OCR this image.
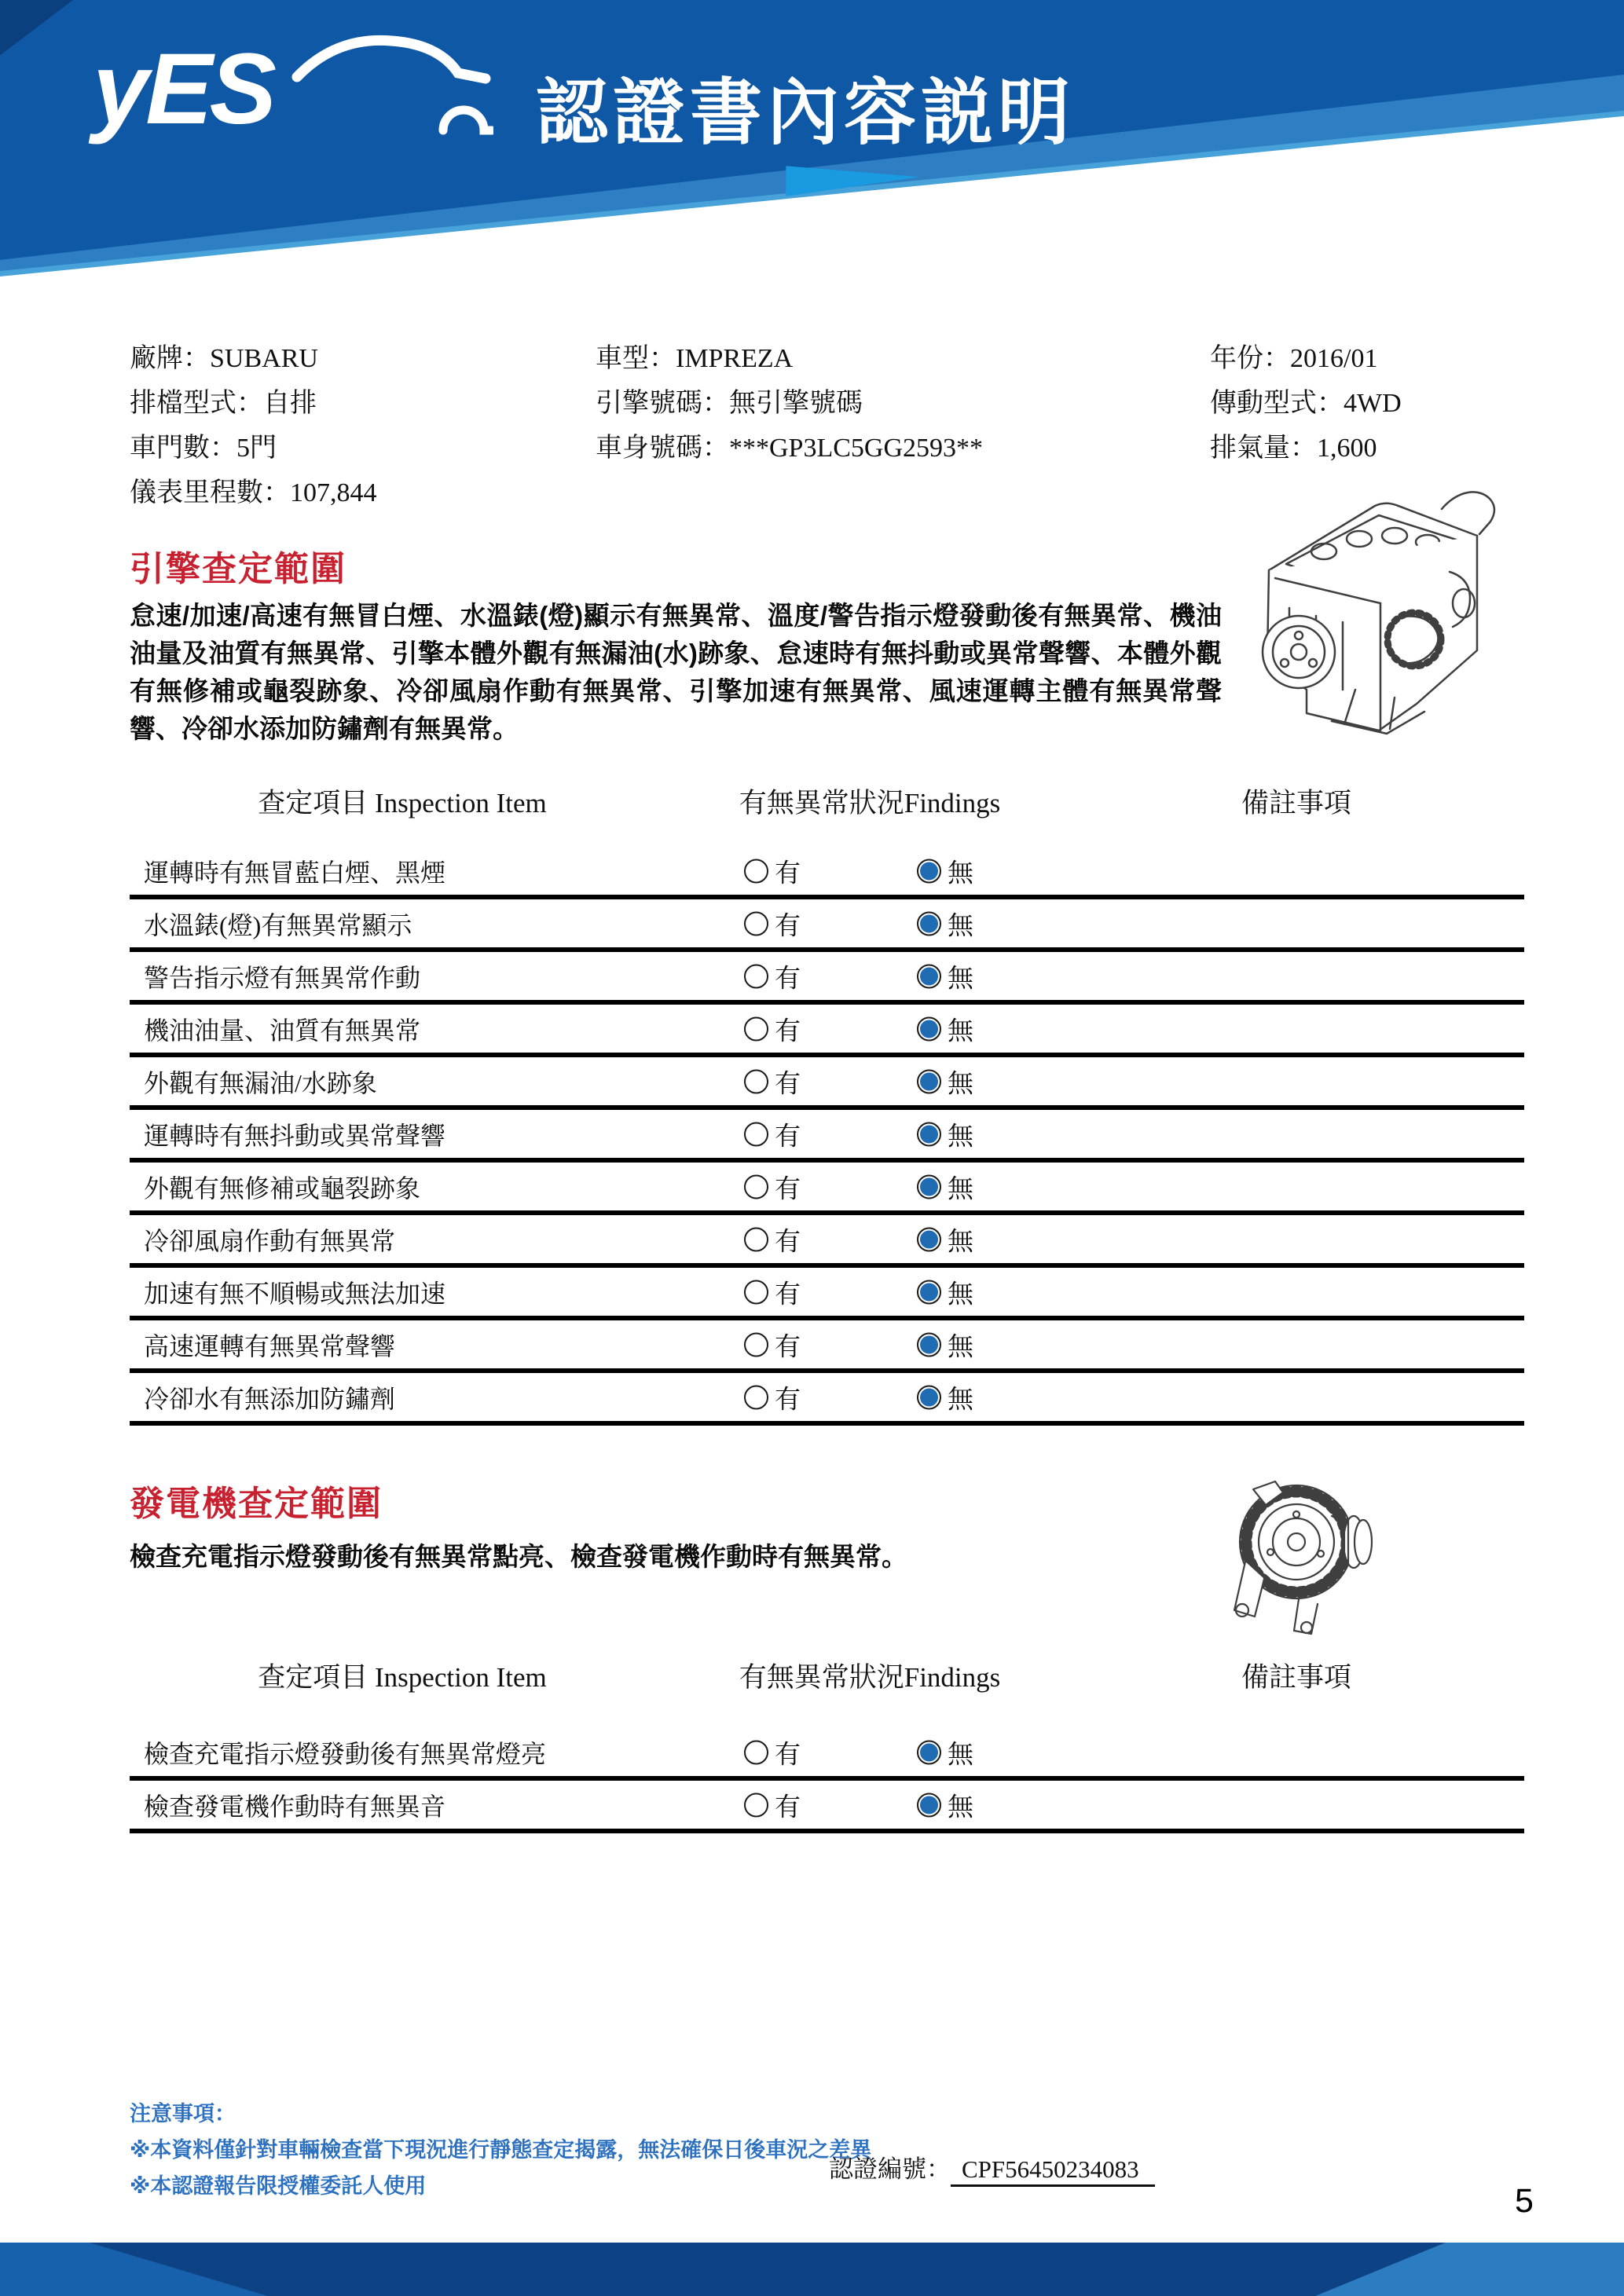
yES	認證書內容説明
廠牌：SUBARU
排檔型式：自排
車門數：5門
儀表里程數：107,844
車型：IMPREZA
引擎號碼：無引擎號碼
車身號碼：***GP3LC5GG2593**
年份：2016/01
傳動型式：4WD
排氣量：1,600
引擎查定範圍
怠速/加速/高速有無冒白煙、水溫錶(燈)顯示有無異常、溫度/警告指示燈發動後有無異常、機油油量及油質有無異常、引擎本體外觀有無漏油(水)跡象、怠速時有無抖動或異常聲響、本體外觀有無修補或龜裂跡象、冷卻風扇作動有無異常、引擎加速有無異常、風速運轉主體有無異常聲響、冷卻水添加防鏽劑有無異常。
查定項目 Inspection Item	有無異常狀況Findings	備註事項
運轉時有無冒藍白煙、黑煙	有	無
水溫錶(燈)有無異常顯示	有	無
警告指示燈有無異常作動	有	無
機油油量、油質有無異常	有	無
外觀有無漏油/水跡象	有	無
運轉時有無抖動或異常聲響	有	無
外觀有無修補或龜裂跡象	有	無
冷卻風扇作動有無異常	有	無
加速有無不順暢或無法加速	有	無
高速運轉有無異常聲響	有	無
冷卻水有無添加防鏽劑	有	無
發電機查定範圍
檢查充電指示燈發動後有無異常點亮、檢查發電機作動時有無異常。
查定項目 Inspection Item	有無異常狀況Findings	備註事項
檢查充電指示燈發動後有無異常燈亮	有	無
檢查發電機作動時有無異音	有	無
注意事項：
※本資料僅針對車輛檢查當下現況進行靜態查定揭露，無法確保日後車況之差異
※本認證報告限授權委託人使用
認證編號： CPF56450234083
5
